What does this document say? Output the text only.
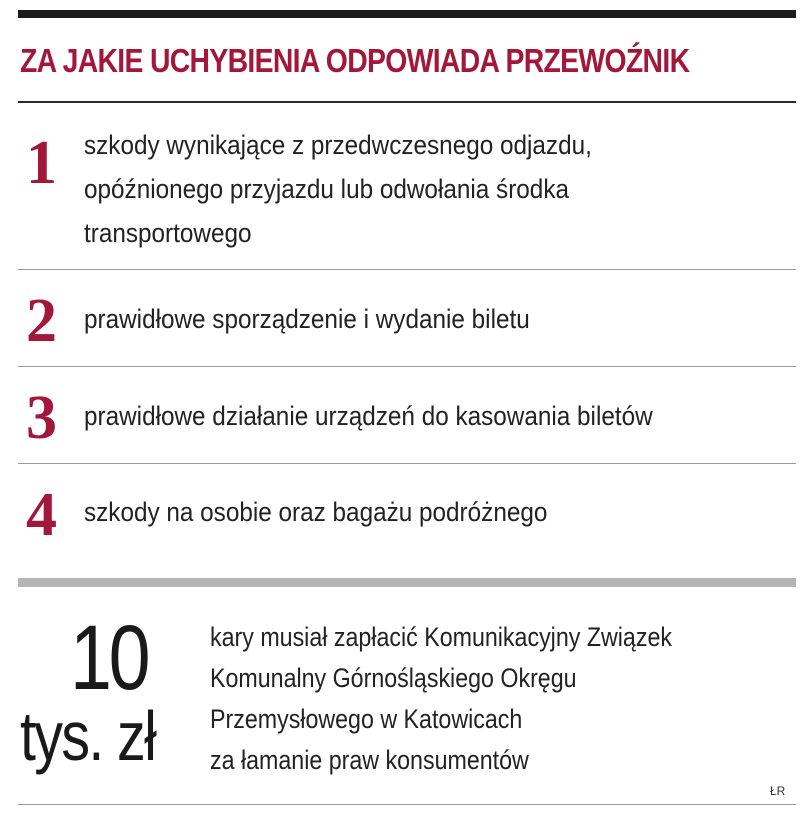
ZA JAKIE UCHYBIENIA ODPOWIADA PRZEWOŹNIK
1 szkody wynikające z przedwczesnego odjazdu,
opóźnionego przyjazdu lub odwołania środka
transportowego
2 prawidłowe sporządzenie i wydanie biletu
3 prawidłowe działanie urządzeń do kasowania biletów
4 szkody na osobie oraz bagażu podróżnego
10
tys. zł
kary musiał zapłacić Komunikacyjny Związek
Komunalny Górnośląskiego Okręgu
Przemysłowego w Katowicach
za łamanie praw konsumentów
ŁR
